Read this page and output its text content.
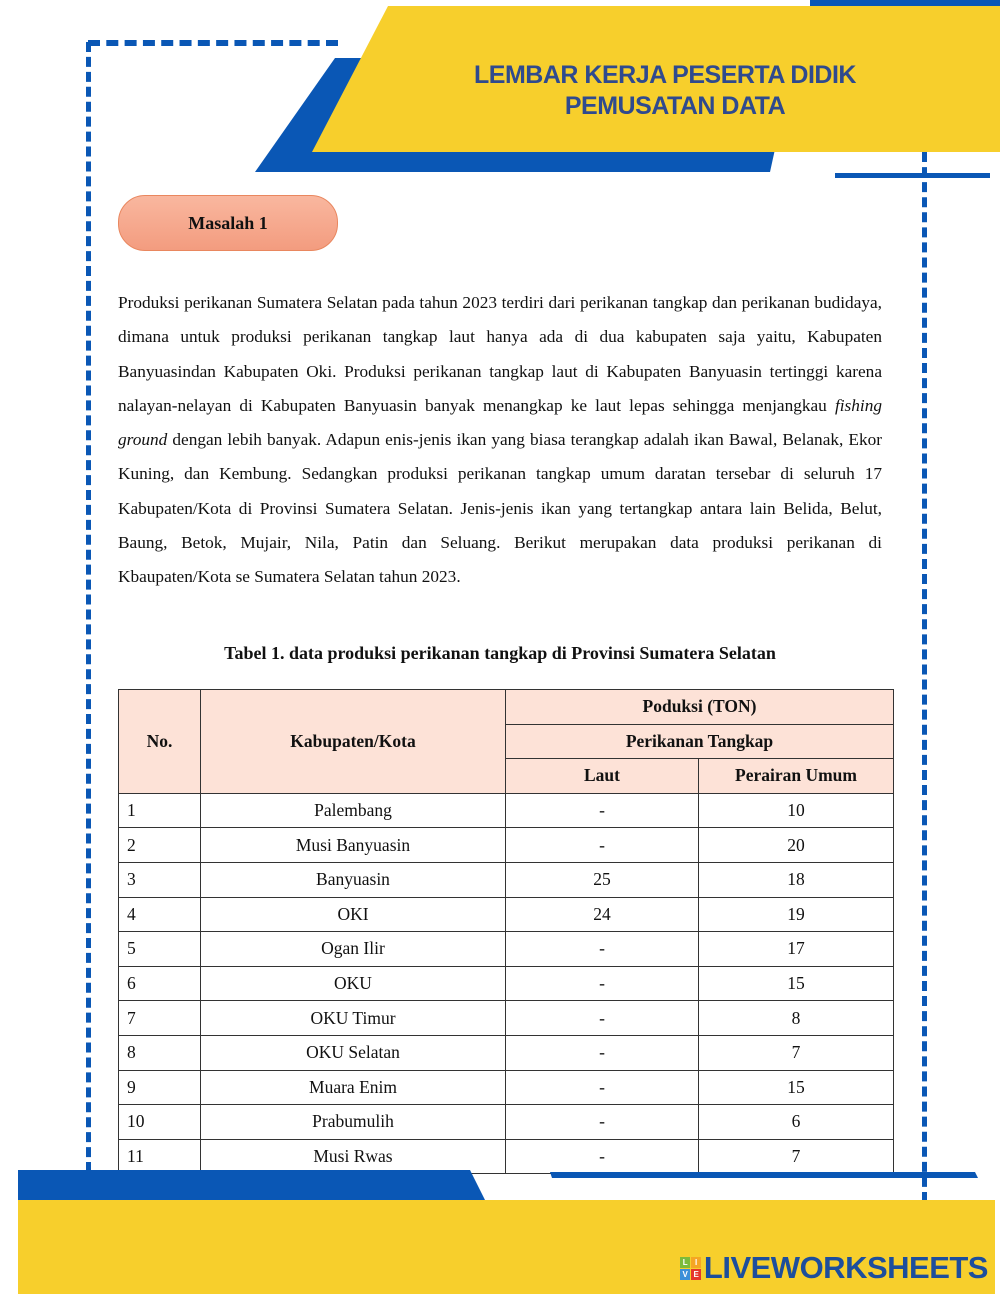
LEMBAR KERJA PESERTA DIDIK
PEMUSATAN DATA
Masalah 1
Produksi perikanan Sumatera Selatan pada tahun 2023 terdiri dari perikanan tangkap dan perikanan budidaya, dimana untuk produksi perikanan tangkap laut hanya ada di dua kabupaten saja yaitu, Kabupaten Banyuasindan Kabupaten Oki. Produksi perikanan tangkap laut di Kabupaten Banyuasin tertinggi karena nalayan-nelayan di Kabupaten Banyuasin banyak menangkap ke laut lepas sehingga menjangkau fishing ground dengan lebih banyak. Adapun enis-jenis ikan yang biasa terangkap adalah ikan Bawal, Belanak, Ekor Kuning, dan Kembung. Sedangkan produksi perikanan tangkap umum daratan tersebar di seluruh 17 Kabupaten/Kota di Provinsi Sumatera Selatan. Jenis-jenis ikan yang tertangkap antara lain Belida, Belut, Baung, Betok, Mujair, Nila, Patin dan Seluang. Berikut merupakan data produksi perikanan di Kbaupaten/Kota se Sumatera Selatan tahun 2023.
Tabel 1. data produksi perikanan tangkap di Provinsi Sumatera Selatan
No.	Kabupaten/Kota	Poduksi (TON)	
		Perikanan Tangkap	
		Laut	Perairan Umum
1	Palembang	-	10
2	Musi Banyuasin	-	20
3	Banyuasin	25	18
4	OKI	24	19
5	Ogan Ilir	-	17
6	OKU	-	15
7	OKU Timur	-	8
8	OKU Selatan	-	7
9	Muara Enim	-	15
10	Prabumulih	-	6
11	Musi Rwas	-	7
L I
V E LIVEWORKSHEETS
